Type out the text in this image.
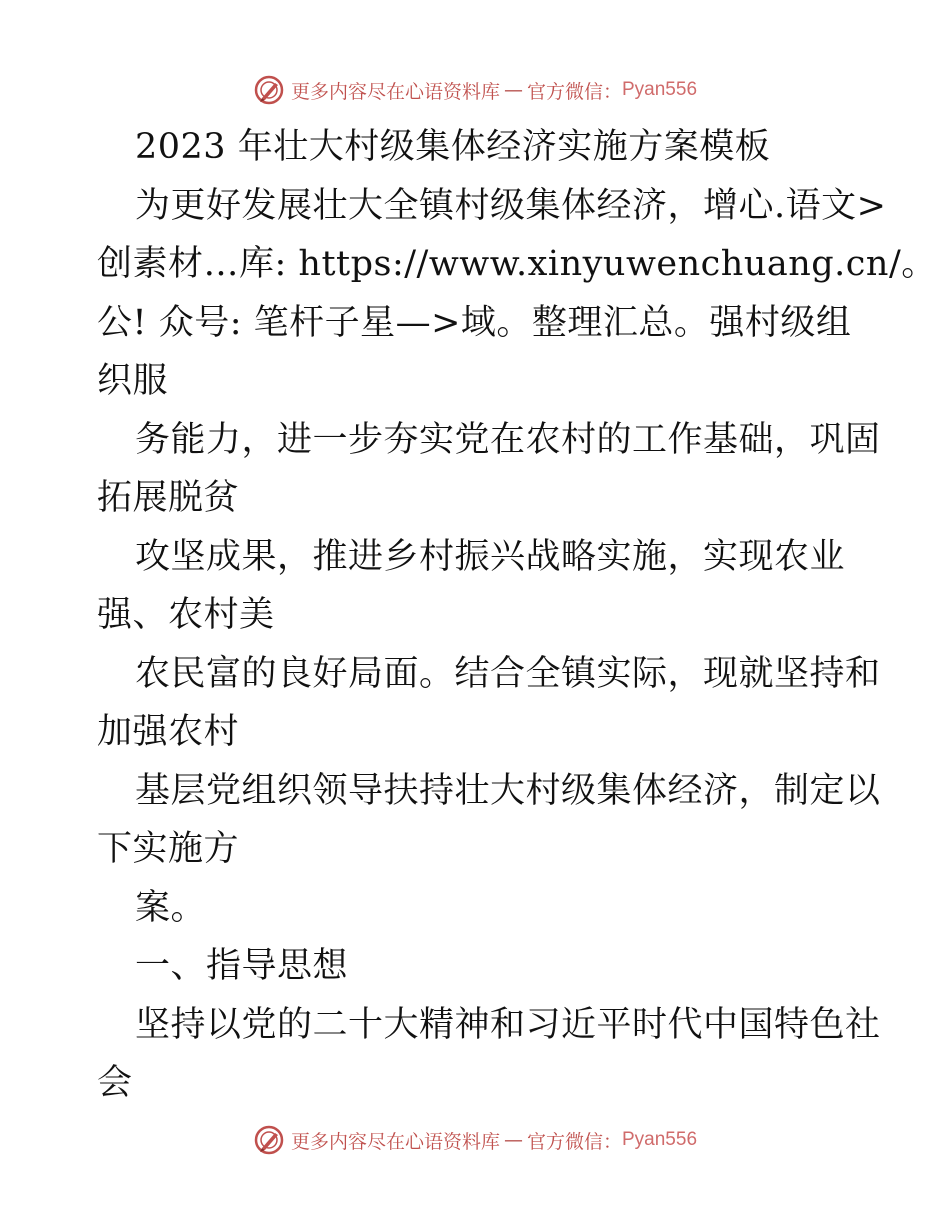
更多内容尽在心语资料库 — 官方微信： Pyan556
2023 年壮大村级集体经济实施方案模板
为更好发展壮大全镇村级集体经济，增心.语文>
创素材…库: https://www.xinyuwenchuang.cn/。
公! 众号: 笔杆子星—>域。整理汇总。强村级组
织服
务能力，进一步夯实党在农村的工作基础，巩固
拓展脱贫
攻坚成果，推进乡村振兴战略实施，实现农业
强、农村美
农民富的良好局面。结合全镇实际，现就坚持和
加强农村
基层党组织领导扶持壮大村级集体经济，制定以
下实施方
案。
一、指导思想
坚持以党的二十大精神和习近平时代中国特色社
会
更多内容尽在心语资料库 — 官方微信： Pyan556
